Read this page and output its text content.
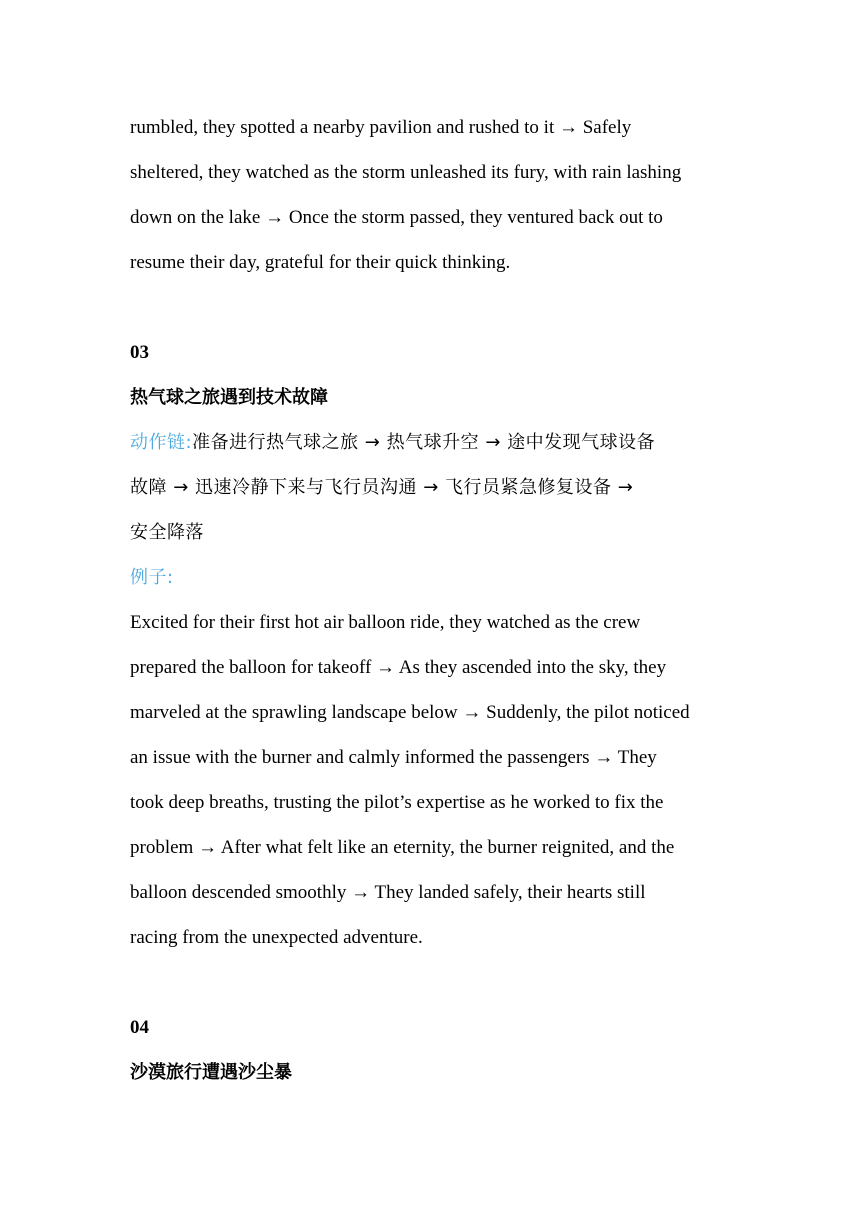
rumbled, they spotted a nearby pavilion and rushed to it → Safely
sheltered, they watched as the storm unleashed its fury, with rain lashing
down on the lake → Once the storm passed, they ventured back out to
resume their day, grateful for their quick thinking.
03
热气球之旅遇到技术故障
动作链:准备进行热气球之旅 → 热气球升空 → 途中发现气球设备
故障 → 迅速冷静下来与飞行员沟通 → 飞行员紧急修复设备 →
安全降落
例子:
Excited for their first hot air balloon ride, they watched as the crew
prepared the balloon for takeoff → As they ascended into the sky, they
marveled at the sprawling landscape below → Suddenly, the pilot noticed
an issue with the burner and calmly informed the passengers → They
took deep breaths, trusting the pilot’s expertise as he worked to fix the
problem → After what felt like an eternity, the burner reignited, and the
balloon descended smoothly → They landed safely, their hearts still
racing from the unexpected adventure.
04
沙漠旅行遭遇沙尘暴
